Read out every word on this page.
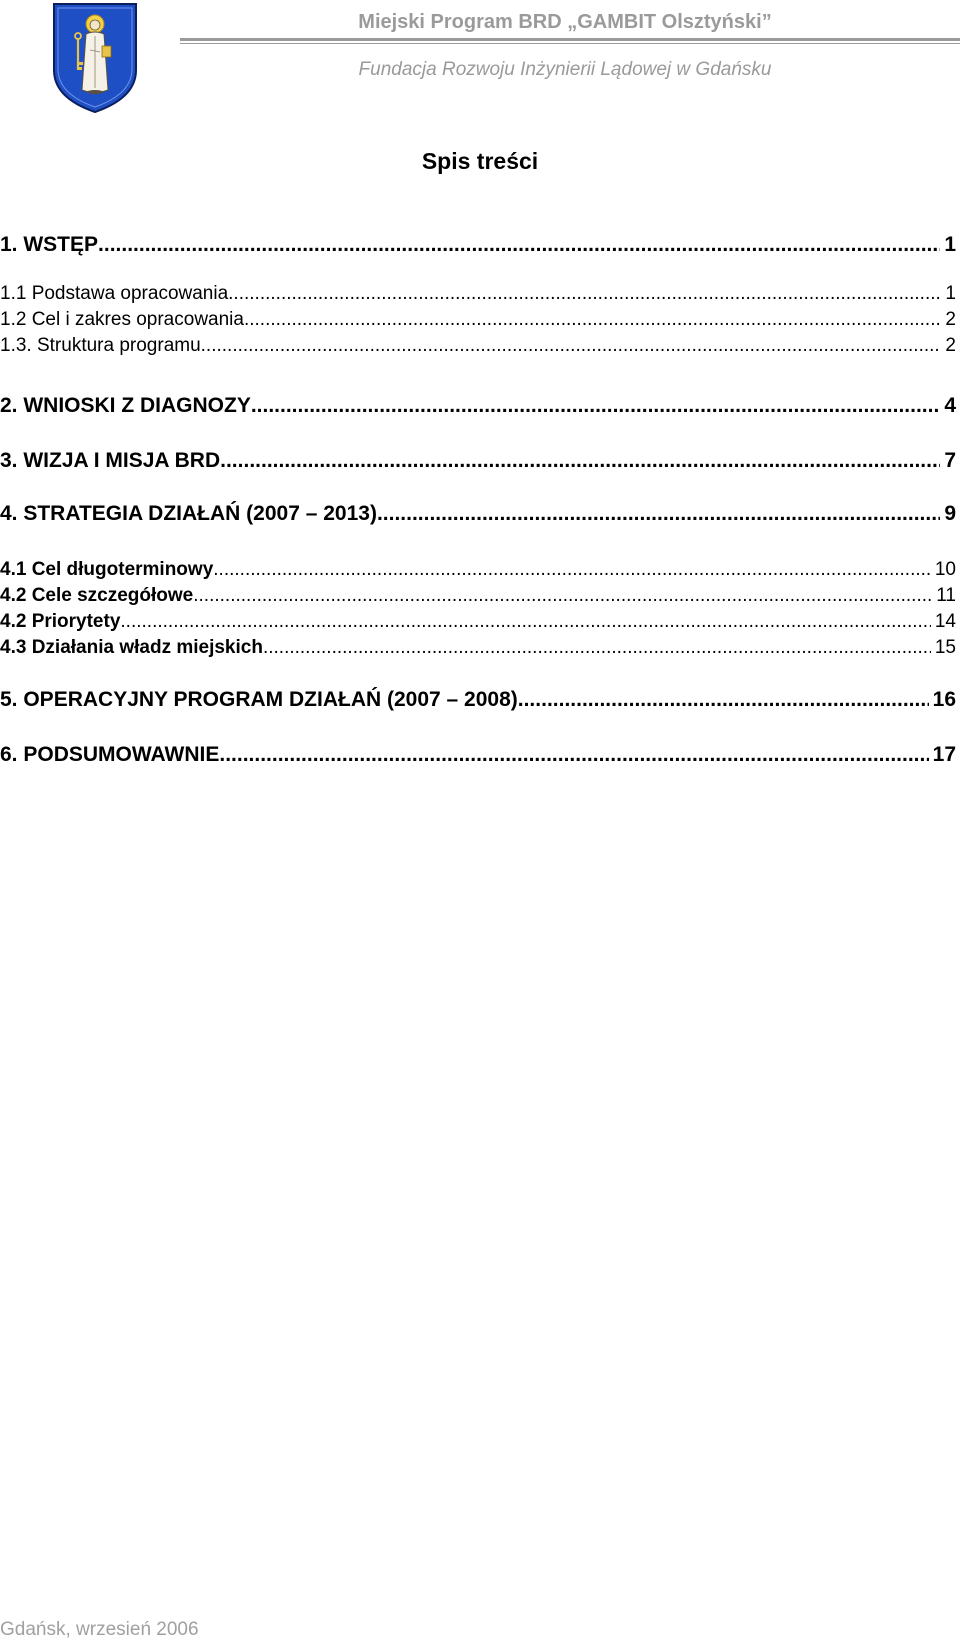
Miejski Program BRD „GAMBIT Olsztyński”
Fundacja Rozwoju Inżynierii Lądowej w Gdańsku
Spis treści
1. WSTĘP .....	1
1.1 Podstawa opracowania .....	1
1.2 Cel i zakres opracowania .....	2
1.3. Struktura programu .....	2
2. WNIOSKI Z DIAGNOZY .....	4
3. WIZJA I MISJA BRD .....	7
4. STRATEGIA DZIAŁAŃ (2007 – 2013) .....	9
4.1 Cel długoterminowy .....	10
4.2 Cele szczegółowe .....	11
4.2 Priorytety .....	14
4.3 Działania władz miejskich .....	15
5. OPERACYJNY PROGRAM DZIAŁAŃ (2007 – 2008) .....	16
6. PODSUMOWAWNIE .....	17
Gdańsk, wrzesień 2006
